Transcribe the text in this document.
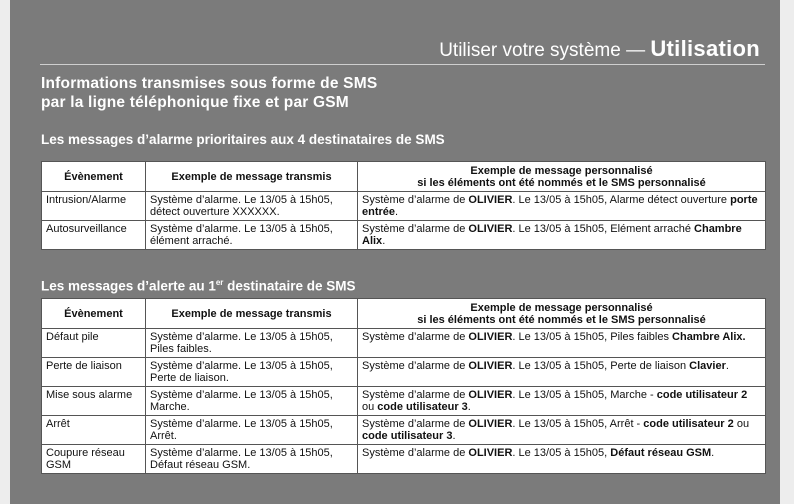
Utiliser votre système — Utilisation
Informations transmises sous forme de SMS
par la ligne téléphonique fixe et par GSM
Les messages d’alarme prioritaires aux 4 destinataires de SMS
Évènement	Exemple de message transmis	Exemple de message personnalisé
si les éléments ont été nommés et le SMS personnalisé

Intrusion/Alarme	Système d’alarme. Le 13/05 à 15h05, détect ouverture XXXXXX.	Système d’alarme de OLIVIER. Le 13/05 à 15h05, Alarme détect ouverture porte entrée.
Autosurveillance	Système d’alarme. Le 13/05 à 15h05, élément arraché.	Système d’alarme de OLIVIER. Le 13/05 à 15h05, Elément arraché Chambre Alix.
Les messages d’alerte au 1er destinataire de SMS
Évènement	Exemple de message transmis	Exemple de message personnalisé
si les éléments ont été nommés et le SMS personnalisé

Défaut pile	Système d’alarme. Le 13/05 à 15h05, Piles faibles.	Système d’alarme de OLIVIER. Le 13/05 à 15h05, Piles faibles Chambre Alix.
Perte de liaison	Système d’alarme. Le 13/05 à 15h05, Perte de liaison.	Système d’alarme de OLIVIER. Le 13/05 à 15h05, Perte de liaison Clavier.
Mise sous alarme	Système d’alarme. Le 13/05 à 15h05, Marche.	Système d’alarme de OLIVIER. Le 13/05 à 15h05, Marche - code utilisateur 2 ou code utilisateur 3.
Arrêt	Système d’alarme. Le 13/05 à 15h05, Arrêt.	Système d’alarme de OLIVIER. Le 13/05 à 15h05, Arrêt - code utilisateur 2 ou code utilisateur 3.
Coupure réseau GSM	Système d’alarme. Le 13/05 à 15h05, Défaut réseau GSM.	Système d’alarme de OLIVIER. Le 13/05 à 15h05, Défaut réseau GSM.
